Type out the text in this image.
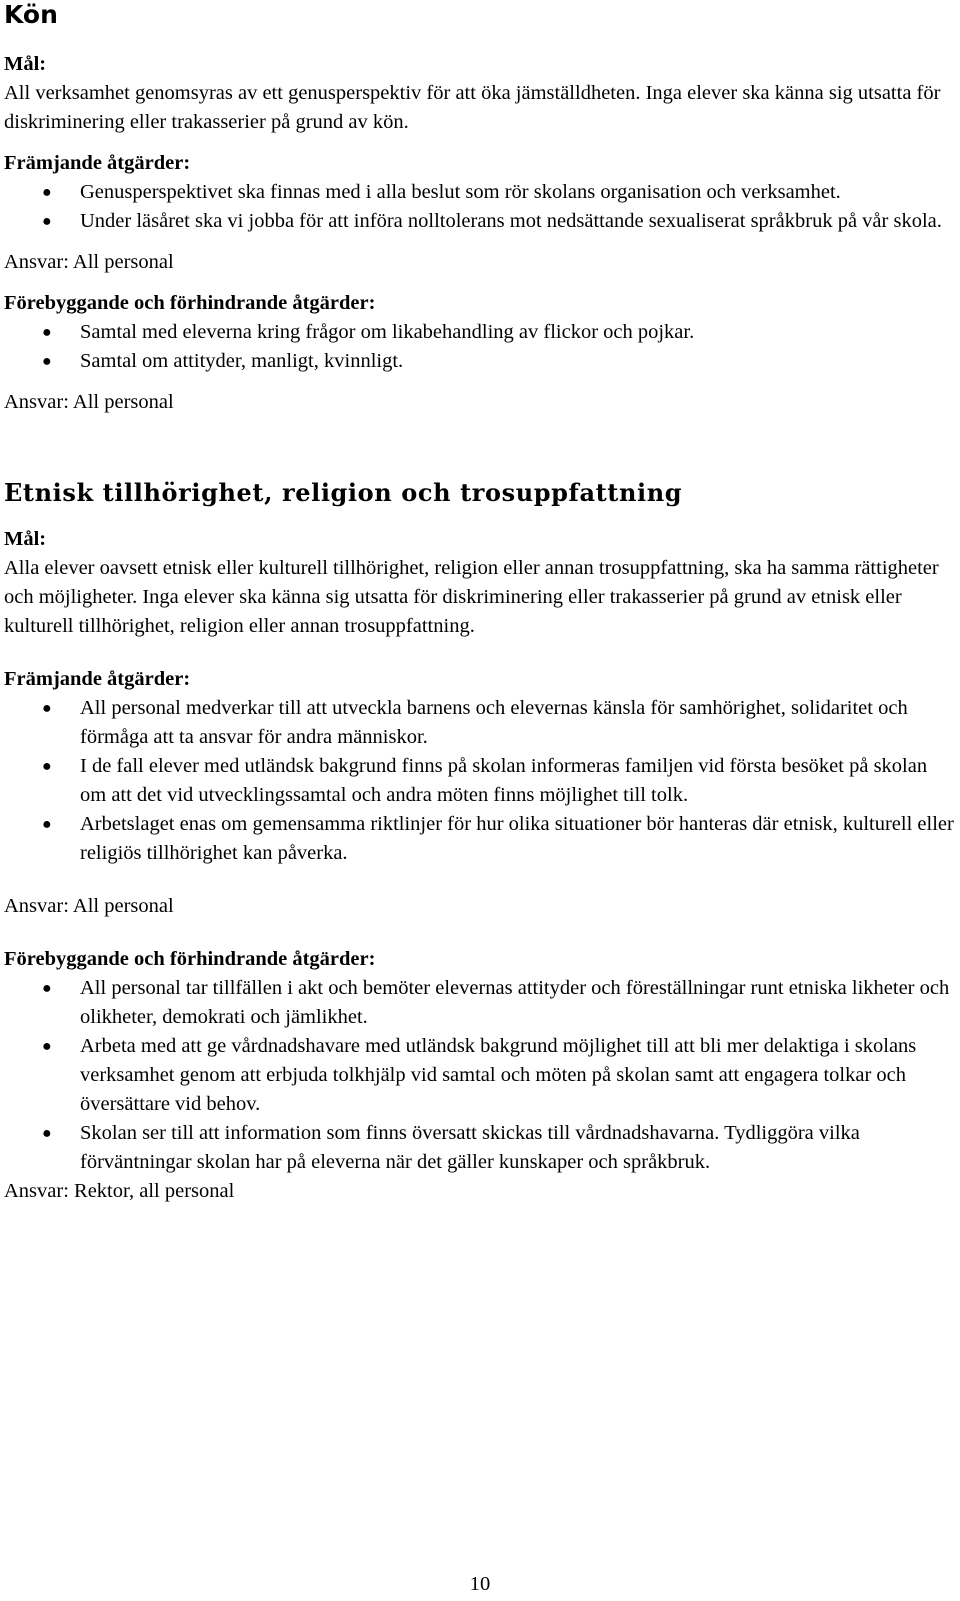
Kön

Mål:

All verksamhet genomsyras av ett genusperspektiv för att öka jämställdheten. Inga elever ska känna sig utsatta för diskriminering eller trakasserier på grund av kön.

Främjande åtgärder:

● Genusperspektivet ska finnas med i alla beslut som rör skolans organisation och verksamhet.
● Under läsåret ska vi jobba för att införa nolltolerans mot nedsättande sexualiserat språkbruk på vår skola.

Ansvar: All personal

Förebyggande och förhindrande åtgärder:

● Samtal med eleverna kring frågor om likabehandling av flickor och pojkar.
● Samtal om attityder, manligt, kvinnligt.

Ansvar: All personal

Etnisk tillhörighet, religion och trosuppfattning

Mål:

Alla elever oavsett etnisk eller kulturell tillhörighet, religion eller annan trosuppfattning, ska ha samma rättigheter och möjligheter. Inga elever ska känna sig utsatta för diskriminering eller trakasserier på grund av etnisk eller kulturell tillhörighet, religion eller annan trosuppfattning.

Främjande åtgärder:

● All personal medverkar till att utveckla barnens och elevernas känsla för samhörighet, solidaritet och förmåga att ta ansvar för andra människor.
● I de fall elever med utländsk bakgrund finns på skolan informeras familjen vid första besöket på skolan om att det vid utvecklingssamtal och andra möten finns möjlighet till tolk.
● Arbetslaget enas om gemensamma riktlinjer för hur olika situationer bör hanteras där etnisk, kulturell eller religiös tillhörighet kan påverka.

Ansvar: All personal

Förebyggande och förhindrande åtgärder:

● All personal tar tillfällen i akt och bemöter elevernas attityder och föreställningar runt etniska likheter och olikheter, demokrati och jämlikhet.
● Arbeta med att ge vårdnadshavare med utländsk bakgrund möjlighet till att bli mer delaktiga i skolans verksamhet genom att erbjuda tolkhjälp vid samtal och möten på skolan samt att engagera tolkar och översättare vid behov.
● Skolan ser till att information som finns översatt skickas till vårdnadshavarna. Tydliggöra vilka förväntningar skolan har på eleverna när det gäller kunskaper och språkbruk.

Ansvar: Rektor, all personal

10
